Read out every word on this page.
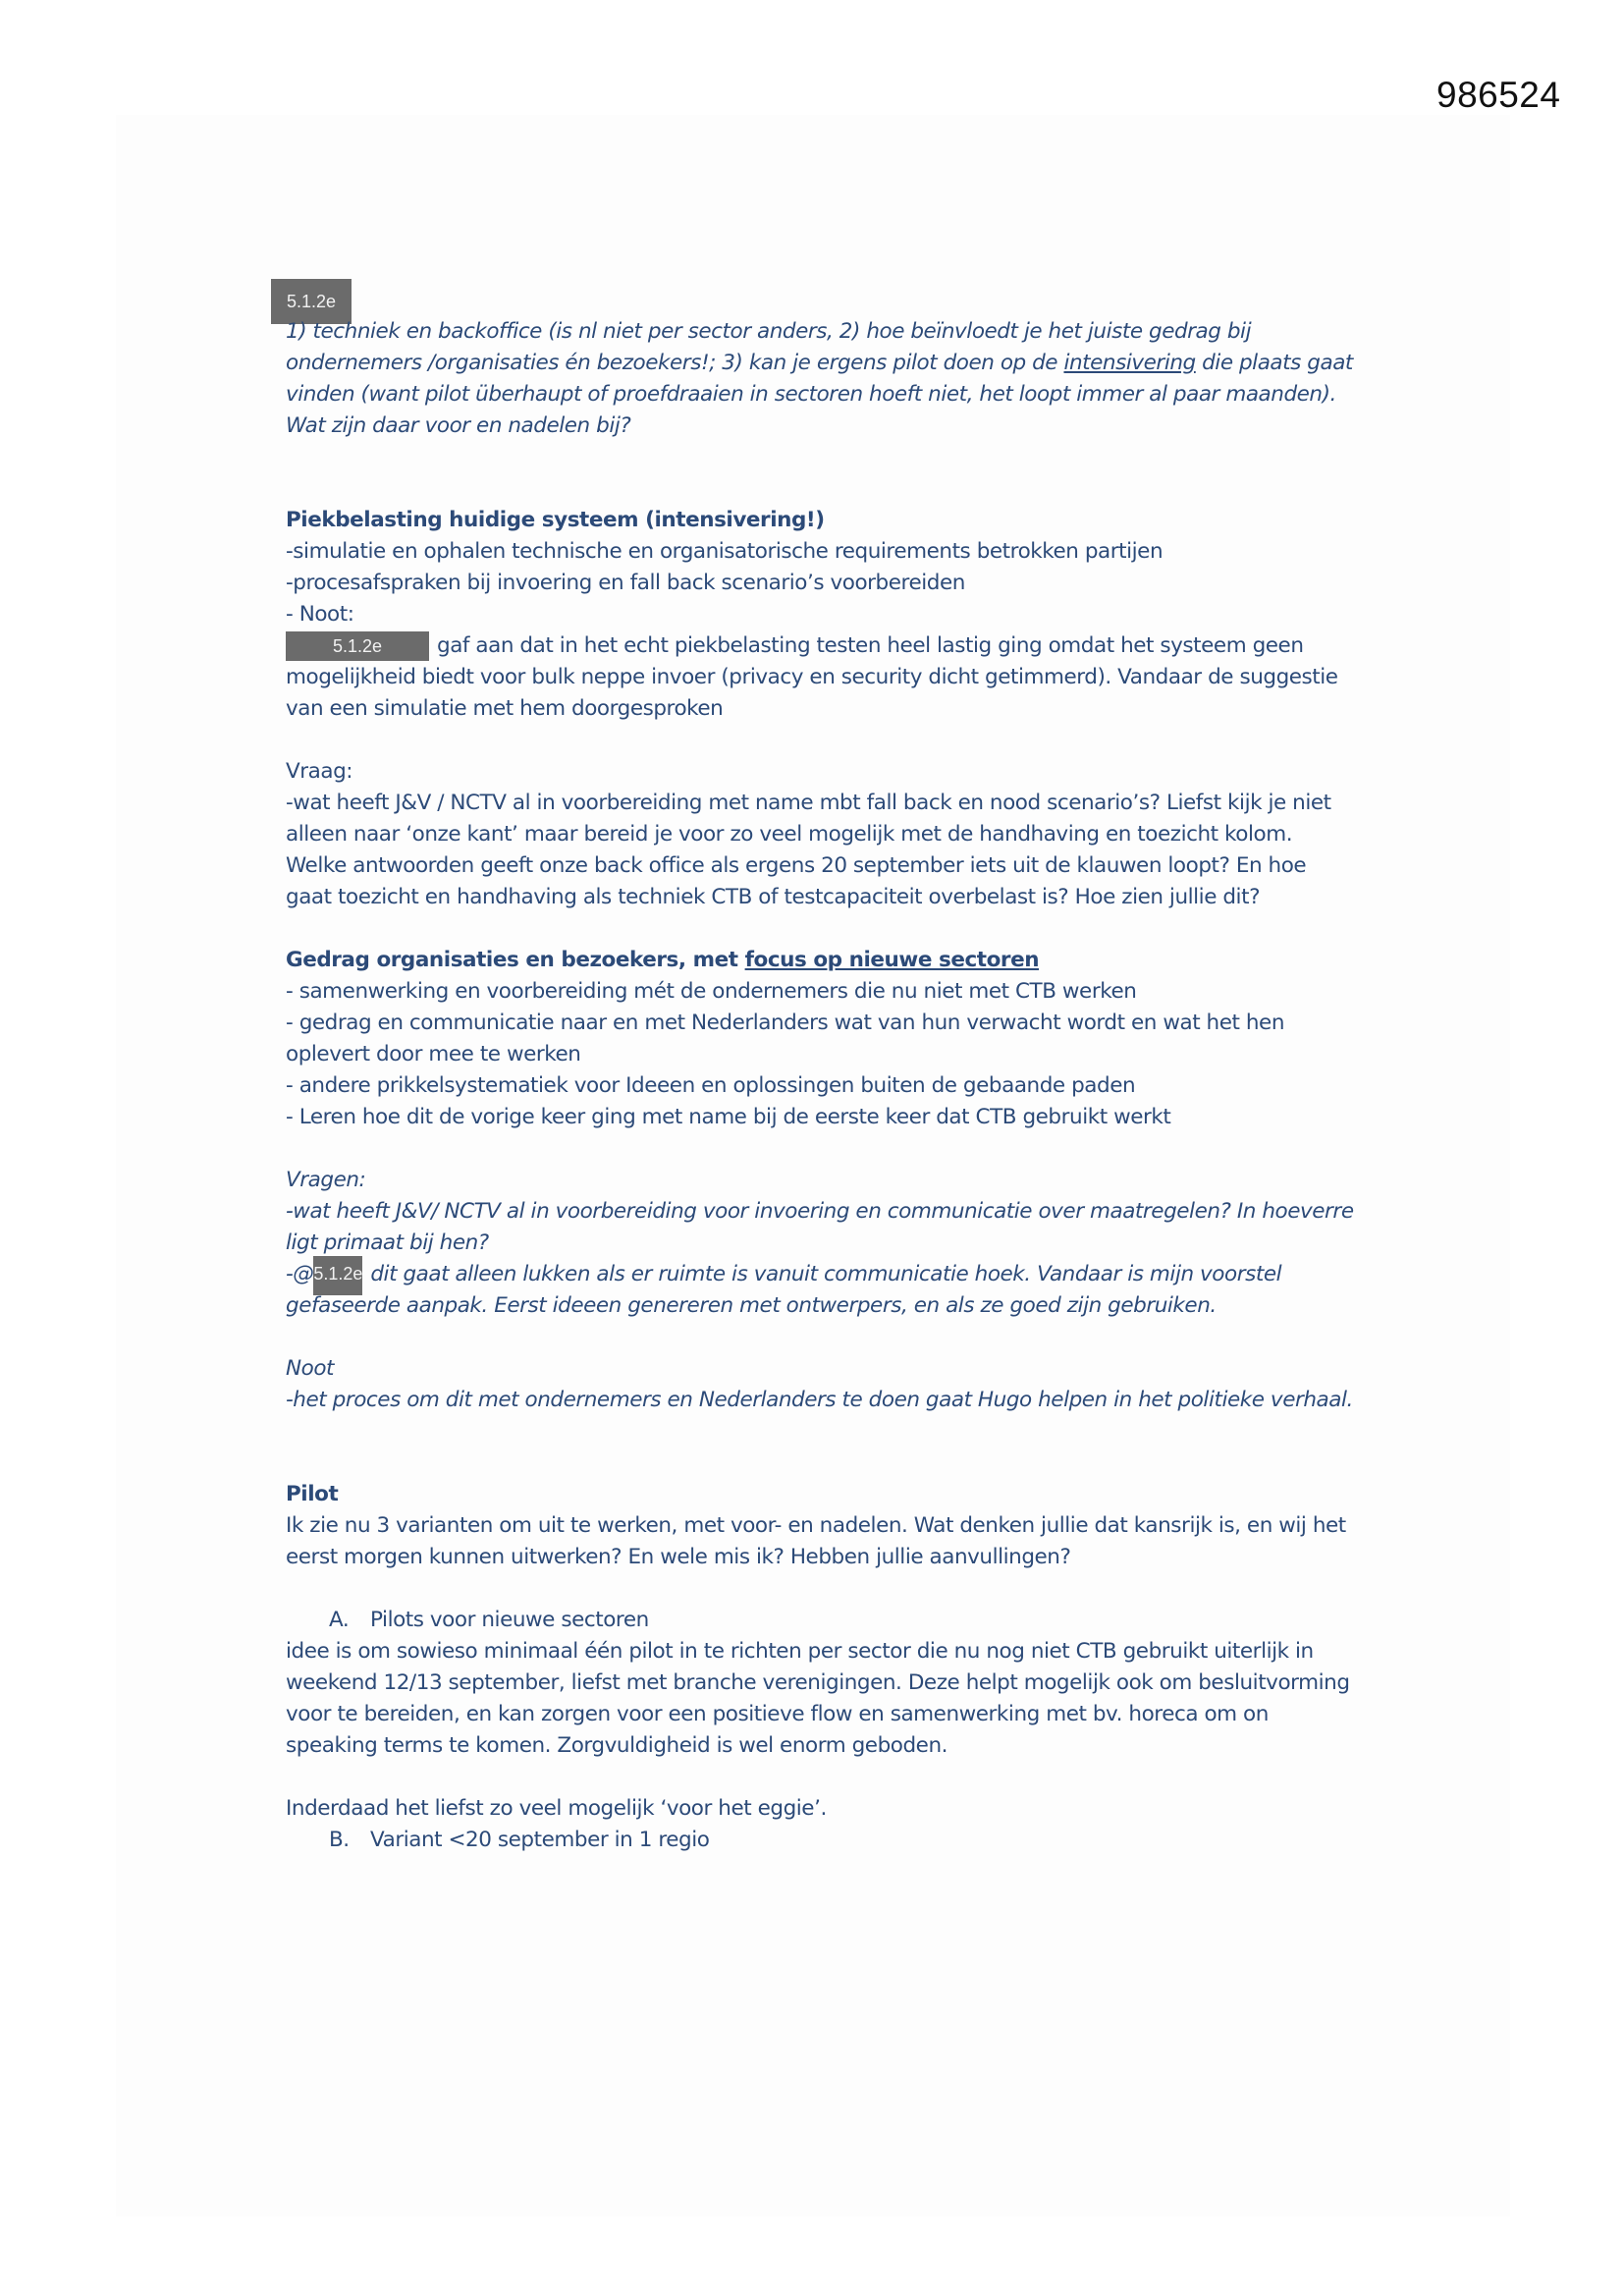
986524
5.1.2e

1) techniek en backoffice (is nl niet per sector anders, 2) hoe beïnvloedt je het juiste gedrag bij ondernemers /organisaties én bezoekers!; 3) kan je ergens pilot doen op de intensivering die plaats gaat vinden (want pilot überhaupt of proefdraaien in sectoren hoeft niet, het loopt immer al paar maanden). Wat zijn daar voor en nadelen bij?

Piekbelasting huidige systeem (intensivering!)

-simulatie en ophalen technische en organisatorische requirements betrokken partijen

-procesafspraken bij invoering en fall back scenario’s voorbereiden

- Noot:

5.1.2e	gaf aan dat in het echt piekbelasting testen heel lastig ging omdat het systeem geen mogelijkheid biedt voor bulk neppe invoer (privacy en security dicht getimmerd). Vandaar de suggestie van een simulatie met hem doorgesproken

Vraag:

-wat heeft J&V / NCTV al in voorbereiding met name mbt fall back en nood scenario’s? Liefst kijk je niet alleen naar ‘onze kant’ maar bereid je voor zo veel mogelijk met de handhaving en toezicht kolom. Welke antwoorden geeft onze back office als ergens 20 september iets uit de klauwen loopt? En hoe gaat toezicht en handhaving als techniek CTB of testcapaciteit overbelast is? Hoe zien jullie dit?

Gedrag organisaties en bezoekers, met focus op nieuwe sectoren

- samenwerking en voorbereiding mét de ondernemers die nu niet met CTB werken

- gedrag en communicatie naar en met Nederlanders wat van hun verwacht wordt en wat het hen oplevert door mee te werken

- andere prikkelsystematiek voor Ideeen en oplossingen buiten de gebaande paden

- Leren hoe dit de vorige keer ging met name bij de eerste keer dat CTB gebruikt werkt

Vragen:

-wat heeft J&V/ NCTV al in voorbereiding voor invoering en communicatie over maatregelen? In hoeverre ligt primaat bij hen?

-@5.1.2e dit gaat alleen lukken als er ruimte is vanuit communicatie hoek. Vandaar is mijn voorstel gefaseerde aanpak. Eerst ideeen genereren met ontwerpers, en als ze goed zijn gebruiken.

Noot

-het proces om dit met ondernemers en Nederlanders te doen gaat Hugo helpen in het politieke verhaal.

Pilot

Ik zie nu 3 varianten om uit te werken, met voor- en nadelen. Wat denken jullie dat kansrijk is, en wij het eerst morgen kunnen uitwerken? En wele mis ik? Hebben jullie aanvullingen?

A. Pilots voor nieuwe sectoren

idee is om sowieso minimaal één pilot in te richten per sector die nu nog niet CTB gebruikt uiterlijk in weekend 12/13 september, liefst met branche verenigingen. Deze helpt mogelijk ook om besluitvorming voor te bereiden, en kan zorgen voor een positieve flow en samenwerking met bv. horeca om on speaking terms te komen. Zorgvuldigheid is wel enorm geboden.

Inderdaad het liefst zo veel mogelijk ‘voor het eggie’.

B. Variant <20 september in 1 regio
